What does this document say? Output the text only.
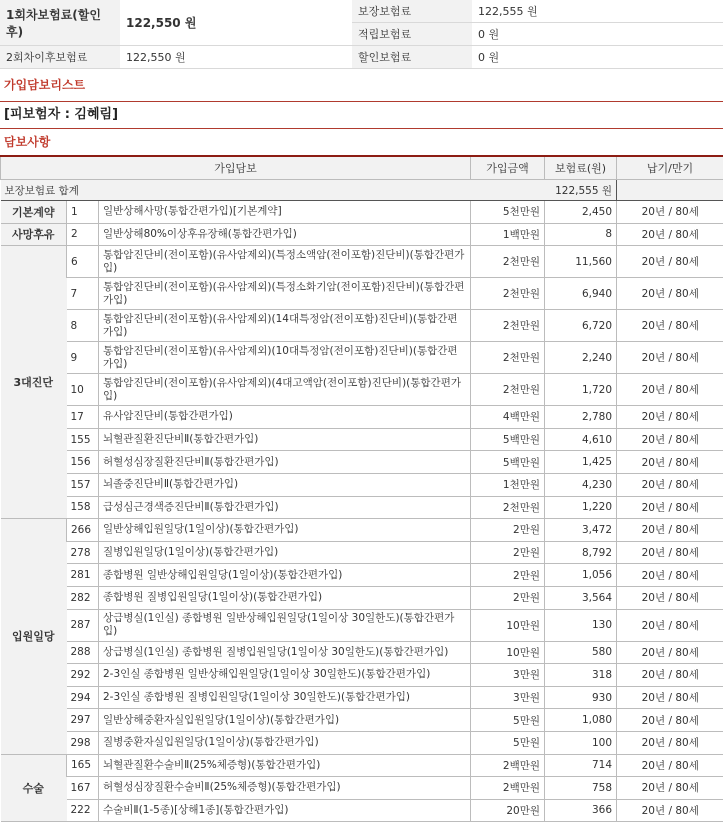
1회차보험료(할인후)	122,550 원	보장보험료	122,555 원
		적립보험료	0 원
2회차이후보험료	122,550 원	할인보험료	0 원
가입담보리스트
[피보험자 : 김혜림]
담보사항
가입담보			가입금액	보험료(원)	납기/만기
보장보험료 합계 122,555 원					

기본계약	1	일반상해사망(통합간편가입)[기본계약]	5천만원	2,450	20년 / 80세
사망후유	2	일반상해80%이상후유장해(통합간편가입)	1백만원	8	20년 / 80세
3대진단	6	통합암진단비(전이포함)(유사암제외)(특정소액암(전이포함)진단비)(통합간편가입)	2천만원	11,560	20년 / 80세
	7	통합암진단비(전이포함)(유사암제외)(특정소화기암(전이포함)진단비)(통합간편가입)	2천만원	6,940	20년 / 80세
	8	통합암진단비(전이포함)(유사암제외)(14대특정암(전이포함)진단비)(통합간편가입)	2천만원	6,720	20년 / 80세
	9	통합암진단비(전이포함)(유사암제외)(10대특정암(전이포함)진단비)(통합간편가입)	2천만원	2,240	20년 / 80세
	10	통합암진단비(전이포함)(유사암제외)(4대고액암(전이포함)진단비)(통합간편가입)	2천만원	1,720	20년 / 80세
	17	유사암진단비(통합간편가입)	4백만원	2,780	20년 / 80세
	155	뇌혈관질환진단비Ⅱ(통합간편가입)	5백만원	4,610	20년 / 80세
	156	허혈성심장질환진단비Ⅱ(통합간편가입)	5백만원	1,425	20년 / 80세
	157	뇌졸중진단비Ⅱ(통합간편가입)	1천만원	4,230	20년 / 80세
	158	급성심근경색증진단비Ⅱ(통합간편가입)	2천만원	1,220	20년 / 80세
입원일당	266	일반상해입원일당(1일이상)(통합간편가입)	2만원	3,472	20년 / 80세
	278	질병입원일당(1일이상)(통합간편가입)	2만원	8,792	20년 / 80세
	281	종합병원 일반상해입원일당(1일이상)(통합간편가입)	2만원	1,056	20년 / 80세
	282	종합병원 질병입원일당(1일이상)(통합간편가입)	2만원	3,564	20년 / 80세
	287	상급병실(1인실) 종합병원 일반상해입원일당(1일이상 30일한도)(통합간편가입)	10만원	130	20년 / 80세
	288	상급병실(1인실) 종합병원 질병입원일당(1일이상 30일한도)(통합간편가입)	10만원	580	20년 / 80세
	292	2-3인실 종합병원 일반상해입원일당(1일이상 30일한도)(통합간편가입)	3만원	318	20년 / 80세
	294	2-3인실 종합병원 질병입원일당(1일이상 30일한도)(통합간편가입)	3만원	930	20년 / 80세
	297	일반상해중환자실입원일당(1일이상)(통합간편가입)	5만원	1,080	20년 / 80세
	298	질병중환자실입원일당(1일이상)(통합간편가입)	5만원	100	20년 / 80세
수술	165	뇌혈관질환수술비Ⅱ(25%체증형)(통합간편가입)	2백만원	714	20년 / 80세
	167	허혈성심장질환수술비Ⅱ(25%체증형)(통합간편가입)	2백만원	758	20년 / 80세
	222	수술비Ⅱ(1-5종)[상해1종](통합간편가입)	20만원	366	20년 / 80세
